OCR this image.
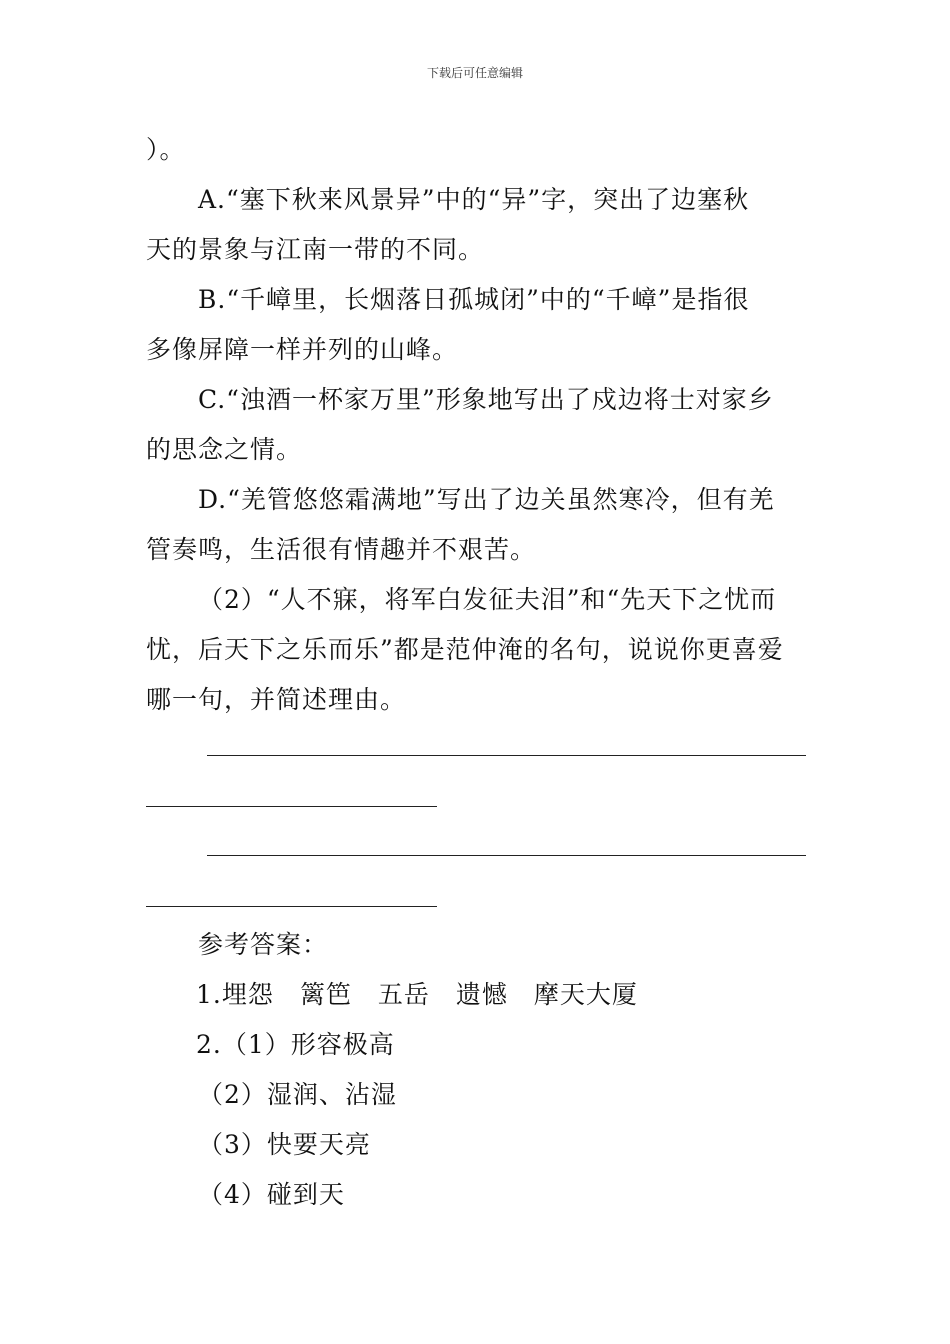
下载后可任意编辑
）。
A.“塞下秋来风景异”中的“异”字，突出了边塞秋
天的景象与江南一带的不同。
B.“千嶂里，长烟落日孤城闭”中的“千嶂”是指很
多像屏障一样并列的山峰。
C.“浊酒一杯家万里”形象地写出了戍边将士对家乡
的思念之情。
D.“羌管悠悠霜满地”写出了边关虽然寒冷，但有羌
管奏鸣，生活很有情趣并不艰苦。
（2）“人不寐，将军白发征夫泪”和“先天下之忧而
忧，后天下之乐而乐”都是范仲淹的名句，说说你更喜爱
哪一句，并简述理由。
参考答案：
1.埋怨　篱笆　五岳　遗憾　摩天大厦
2.（1）形容极高
（2）湿润、沾湿
（3）快要天亮
（4）碰到天
